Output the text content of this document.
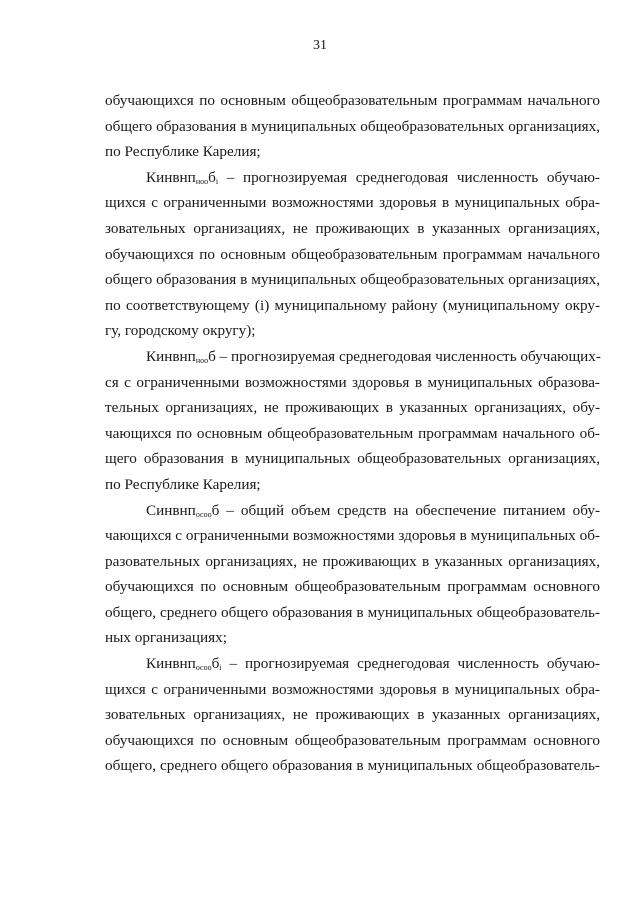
31
обучающихся по основным общеобразовательным программам начального
общего образования в муниципальных общеобразовательных организациях,
по Республике Карелия;
$Кинвнп_{ноо}б_i$ – прогнозируемая среднегодовая численность обучаю-
щихся с ограниченными возможностями здоровья в муниципальных обра-
зовательных организациях, не проживающих в указанных организациях,
обучающихся по основным общеобразовательным программам начального
общего образования в муниципальных общеобразовательных организациях,
по соответствующему (i) муниципальному району (муниципальному окру-
гу, городскому округу);
Кинвнп$_{ноо}$б – прогнозируемая среднегодовая численность обучающих-
ся с ограниченными возможностями здоровья в муниципальных образова-
тельных организациях, не проживающих в указанных организациях, обу-
чающихся по основным общеобразовательным программам начального об-
щего образования в муниципальных общеобразовательных организациях,
по Республике Карелия;
Синвнп$_{осоо}$б – общий объем средств на обеспечение питанием обу-
чающихся с ограниченными возможностями здоровья в муниципальных об-
разовательных организациях, не проживающих в указанных организациях,
обучающихся по основным общеобразовательным программам основного
общего, среднего общего образования в муниципальных общеобразователь-
ных организациях;
$Кинвнп_{осоо}б_i$ – прогнозируемая среднегодовая численность обучаю-
щихся с ограниченными возможностями здоровья в муниципальных обра-
зовательных организациях, не проживающих в указанных организациях,
обучающихся по основным общеобразовательным программам основного
общего, среднего общего образования в муниципальных общеобразователь-
